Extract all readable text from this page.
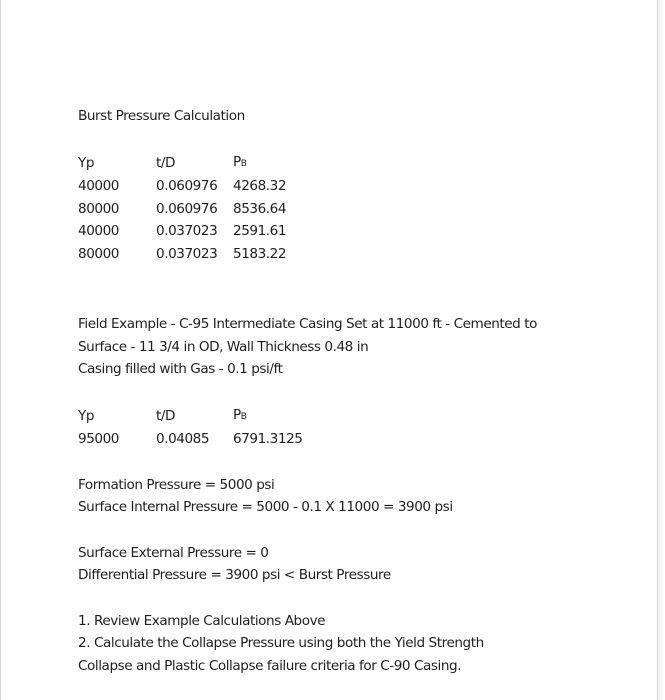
Burst Pressure Calculation
Yp	t/D	PB
40000	0.060976	4268.32
80000	0.060976	8536.64
40000	0.037023	2591.61
80000	0.037023	5183.22
Field Example - C-95 Intermediate Casing Set at 11000 ft - Cemented to
Surface - 11 3/4 in OD, Wall Thickness 0.48 in
Casing filled with Gas - 0.1 psi/ft
Yp	t/D	PB
95000	0.04085	6791.3125
Formation Pressure = 5000 psi
Surface Internal Pressure = 5000 - 0.1 X 11000 = 3900 psi
Surface External Pressure = 0
Differential Pressure = 3900 psi < Burst Pressure
1. Review Example Calculations Above
2. Calculate the Collapse Pressure using both the Yield Strength
Collapse and Plastic Collapse failure criteria for C-90 Casing.
